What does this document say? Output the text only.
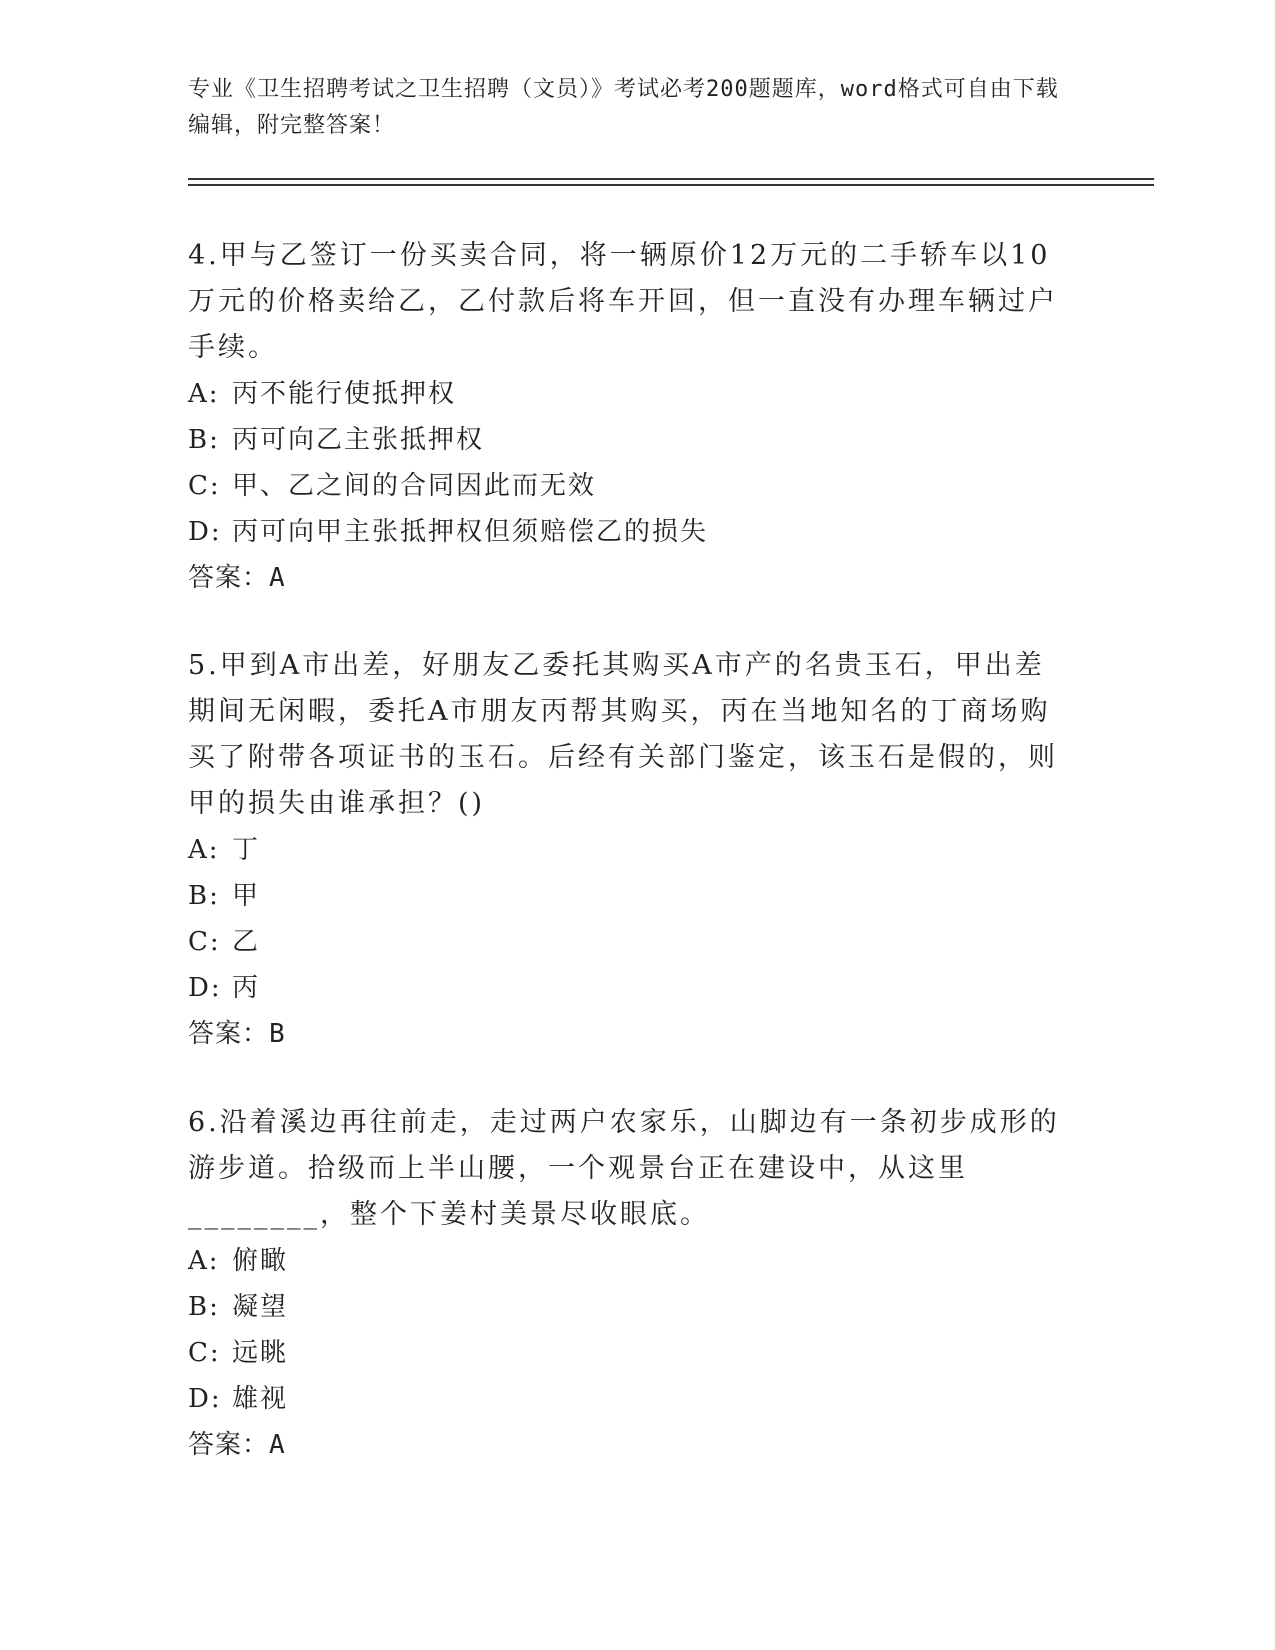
专业《卫生招聘考试之卫生招聘（文员）》考试必考200题题库，word格式可自由下载编辑，附完整答案！

4.甲与乙签订一份买卖合同，将一辆原价12万元的二手轿车以10万元的价格卖给乙，乙付款后将车开回，但一直没有办理车辆过户手续。

A: 丙不能行使抵押权

B: 丙可向乙主张抵押权

C: 甲、乙之间的合同因此而无效

D: 丙可向甲主张抵押权但须赔偿乙的损失

答案：A

5.甲到A市出差，好朋友乙委托其购买A市产的名贵玉石，甲出差期间无闲暇，委托A市朋友丙帮其购买，丙在当地知名的丁商场购买了附带各项证书的玉石。后经有关部门鉴定，该玉石是假的，则甲的损失由谁承担？()

A: 丁

B: 甲

C: 乙

D: 丙

答案：B

6.沿着溪边再往前走，走过两户农家乐，山脚边有一条初步成形的游步道。拾级而上半山腰，一个观景台正在建设中，从这里________，整个下姜村美景尽收眼底。

A: 俯瞰

B: 凝望

C: 远眺

D: 雄视

答案：A
